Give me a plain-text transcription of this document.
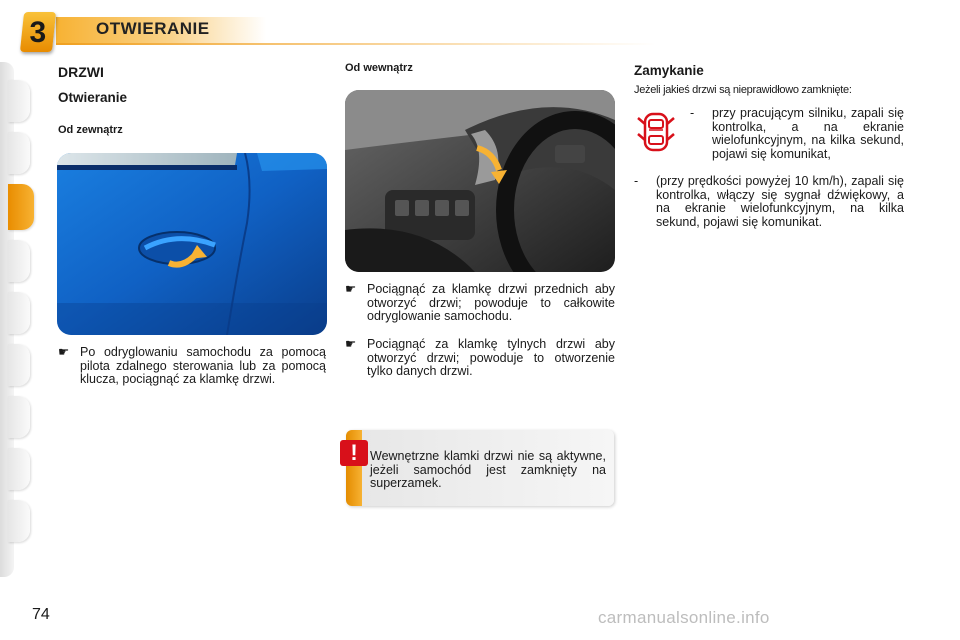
3	OTWIERANIE
DRZWI
Otwieranie
Od zewnątrz
☛ Po odryglowaniu samochodu za pomocą pilota zdalnego sterowania lub za pomocą klucza, pociągnąć za klamkę drzwi.
Od wewnątrz
☛ Pociągnąć za klamkę drzwi przednich aby otworzyć drzwi; powoduje to całkowite odryglowanie samochodu.
☛ Pociągnąć za klamkę tylnych drzwi aby otworzyć drzwi; powoduje to otworzenie tylko danych drzwi.
! Wewnętrzne klamki drzwi nie są aktywne, jeżeli samochód jest zamknięty na superzamek.
Zamykanie
Jeżeli jakieś drzwi są nieprawidłowo zamknięte:
-	przy pracującym silniku, zapali się kontrolka, a na ekranie wielofunkcyjnym, na kilka sekund, pojawi się komunikat,
-	(przy prędkości powyżej 10 km/h), zapali się kontrolka, włączy się sygnał dźwiękowy, a na ekranie wielofunkcyjnym, na kilka sekund, pojawi się komunikat.
74	carmanualsonline.info
